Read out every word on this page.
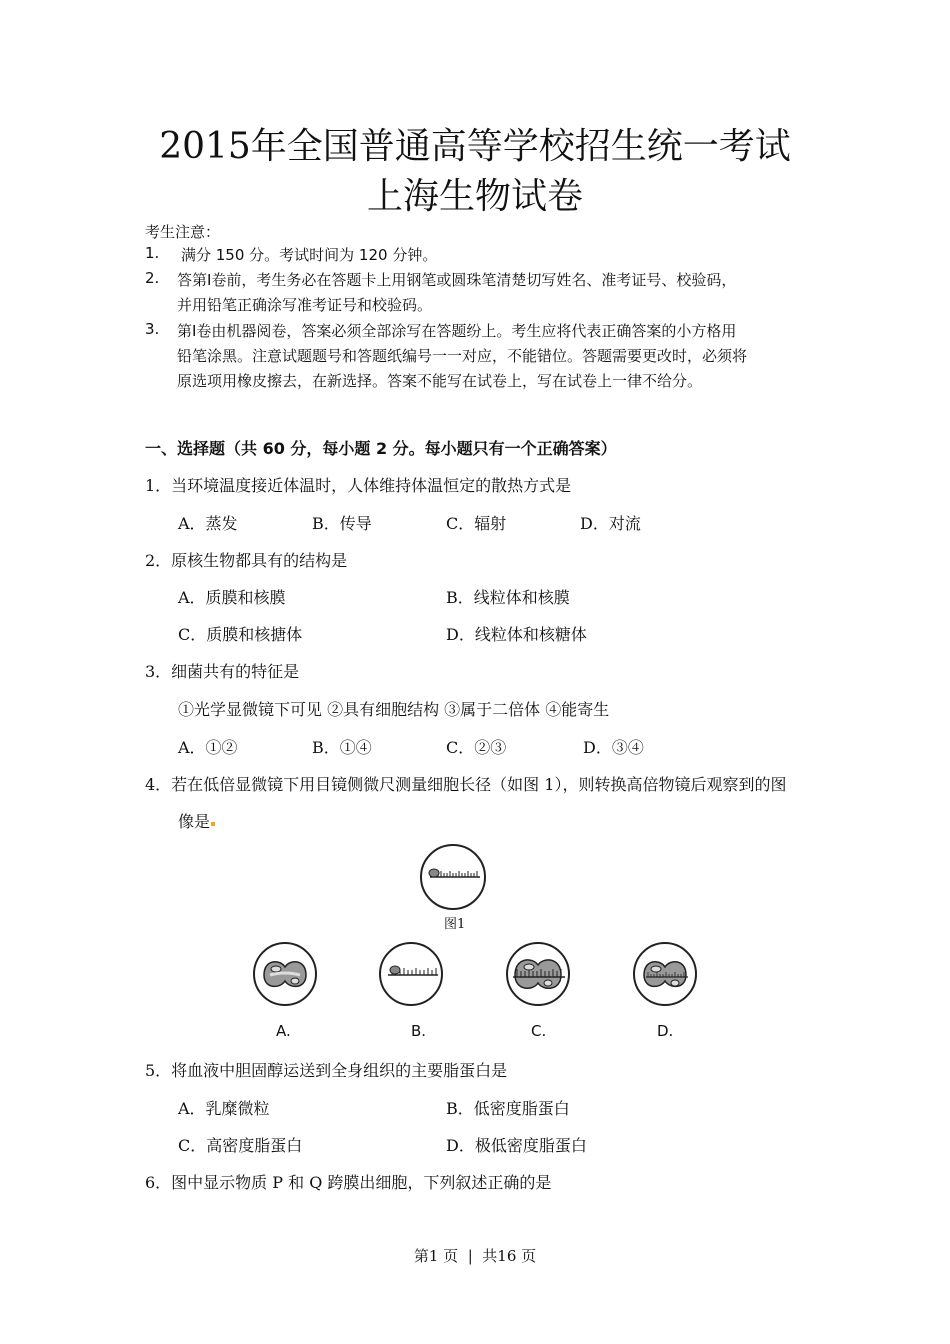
2015年全国普通高等学校招生统一考试
上海生物试卷
考生注意：
1. 满分 150 分。考试时间为 120 分钟。
2. 答第Ⅰ卷前，考生务必在答题卡上用钢笔或圆珠笔清楚切写姓名、准考证号、校验码，
并用铅笔正确涂写准考证号和校验码。
3. 第Ⅰ卷由机器阅卷，答案必须全部涂写在答题纷上。考生应将代表正确答案的小方格用
铅笔涂黑。注意试题题号和答题纸编号一一对应，不能错位。答题需要更改时，必须将
原选项用橡皮擦去，在新选择。答案不能写在试卷上，写在试卷上一律不给分。
一、选择题（共 60 分，每小题 2 分。每小题只有一个正确答案）
1．当环境温度接近体温时，人体维持体温恒定的散热方式是
A．蒸发	B．传导	C．辐射	D．对流
2．原核生物都具有的结构是
A．质膜和核膜	B．线粒体和核膜
C．质膜和核搪体	D．线粒体和核糖体
3．细菌共有的特征是
①光学显微镜下可见 ②具有细胞结构 ③属于二倍体 ④能寄生
A．①②	B．①④	C．②③	D．③④
4．若在低倍显微镜下用目镜侧微尺测量细胞长径（如图 1），则转换高倍物镜后观察到的图
像是
图1
A.	B.	C.	D.
5．将血液中胆固醇运送到全身组织的主要脂蛋白是
A．乳糜微粒	B．低密度脂蛋白
C．高密度脂蛋白	D．极低密度脂蛋白
6．图中显示物质 P 和 Q 跨膜出细胞，下列叙述正确的是
第1 页  |  共16 页
